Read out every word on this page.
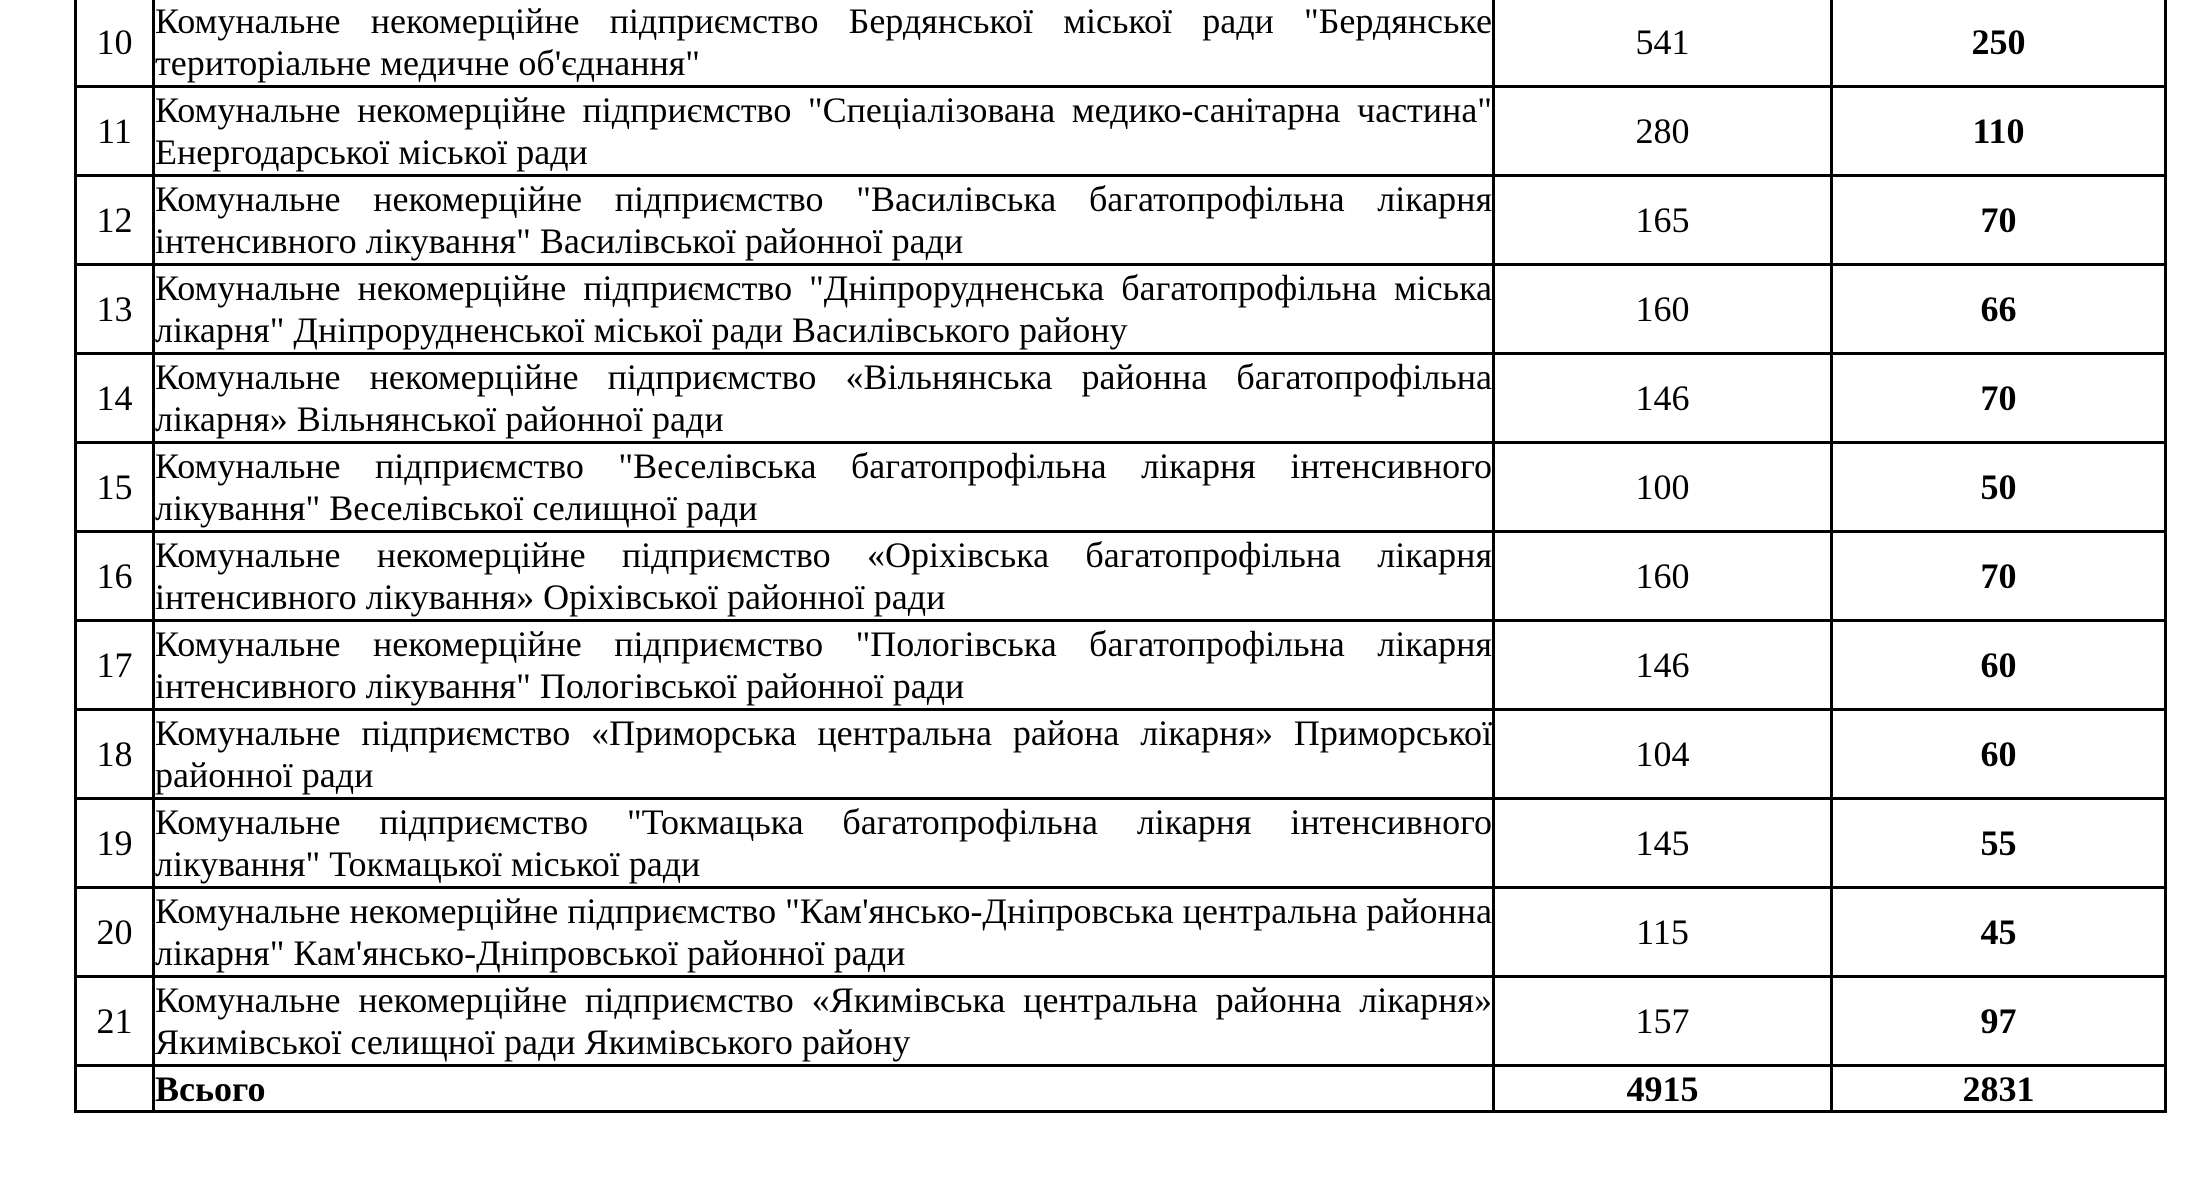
10	Комунальне некомерційне підприємство Бердянської міської ради "Бердянське територіальне медичне об'єднання"	541	250
11	Комунальне некомерційне підприємство "Спеціалізована медико-санітарна частина" Енергодарської міської ради	280	110
12	Комунальне некомерційне підприємство "Василівська багатопрофільна лікарня інтенсивного лікування" Василівської районної ради	165	70
13	Комунальне некомерційне підприємство "Дніпрорудненська багатопрофільна міська лікарня" Дніпрорудненської міської ради Василівського району	160	66
14	Комунальне некомерційне підприємство «Вільнянська районна багатопрофільна лікарня» Вільнянської районної ради	146	70
15	Комунальне підприємство "Веселівська багатопрофільна лікарня інтенсивного лікування" Веселівської селищної ради	100	50
16	Комунальне некомерційне підприємство «Оріхівська багатопрофільна лікарня інтенсивного лікування» Оріхівської районної ради	160	70
17	Комунальне некомерційне підприємство "Пологівська багатопрофільна лікарня інтенсивного лікування" Пологівської районної ради	146	60
18	Комунальне підприємство «Приморська центральна района лікарня» Приморської районної ради	104	60
19	Комунальне підприємство "Токмацька багатопрофільна лікарня інтенсивного лікування" Токмацької міської ради	145	55
20	Комунальне некомерційне підприємство "Кам'янсько-Дніпровська центральна районна лікарня" Кам'янсько-Дніпровської районної ради	115	45
21	Комунальне некомерційне підприємство «Якимівська центральна районна лікарня» Якимівської селищної ради Якимівського району	157	97
	Всього	4915	2831
